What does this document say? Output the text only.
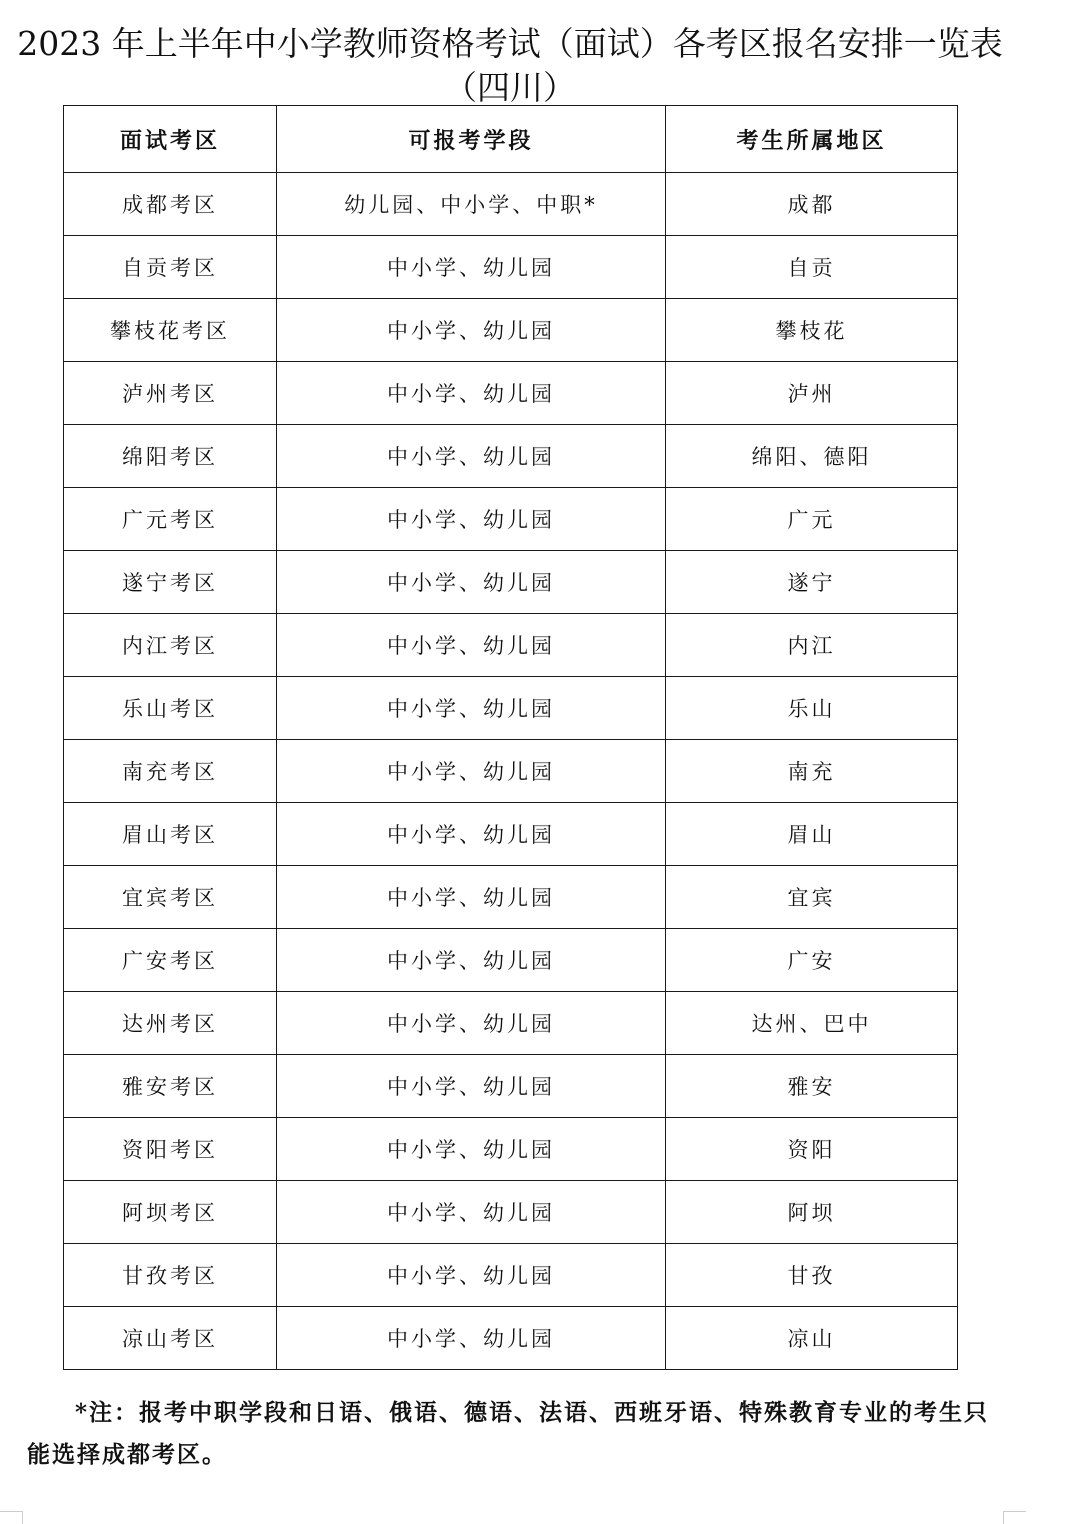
2023 年上半年中小学教师资格考试（面试）各考区报名安排一览表
（四川）
面试考区	可报考学段	考生所属地区
成都考区	幼儿园、中小学、中职*	成都
自贡考区	中小学、幼儿园	自贡
攀枝花考区	中小学、幼儿园	攀枝花
泸州考区	中小学、幼儿园	泸州
绵阳考区	中小学、幼儿园	绵阳、德阳
广元考区	中小学、幼儿园	广元
遂宁考区	中小学、幼儿园	遂宁
内江考区	中小学、幼儿园	内江
乐山考区	中小学、幼儿园	乐山
南充考区	中小学、幼儿园	南充
眉山考区	中小学、幼儿园	眉山
宜宾考区	中小学、幼儿园	宜宾
广安考区	中小学、幼儿园	广安
达州考区	中小学、幼儿园	达州、巴中
雅安考区	中小学、幼儿园	雅安
资阳考区	中小学、幼儿园	资阳
阿坝考区	中小学、幼儿园	阿坝
甘孜考区	中小学、幼儿园	甘孜
凉山考区	中小学、幼儿园	凉山

*注：报考中职学段和日语、俄语、德语、法语、西班牙语、特殊教育专业的考生只能选择成都考区。
